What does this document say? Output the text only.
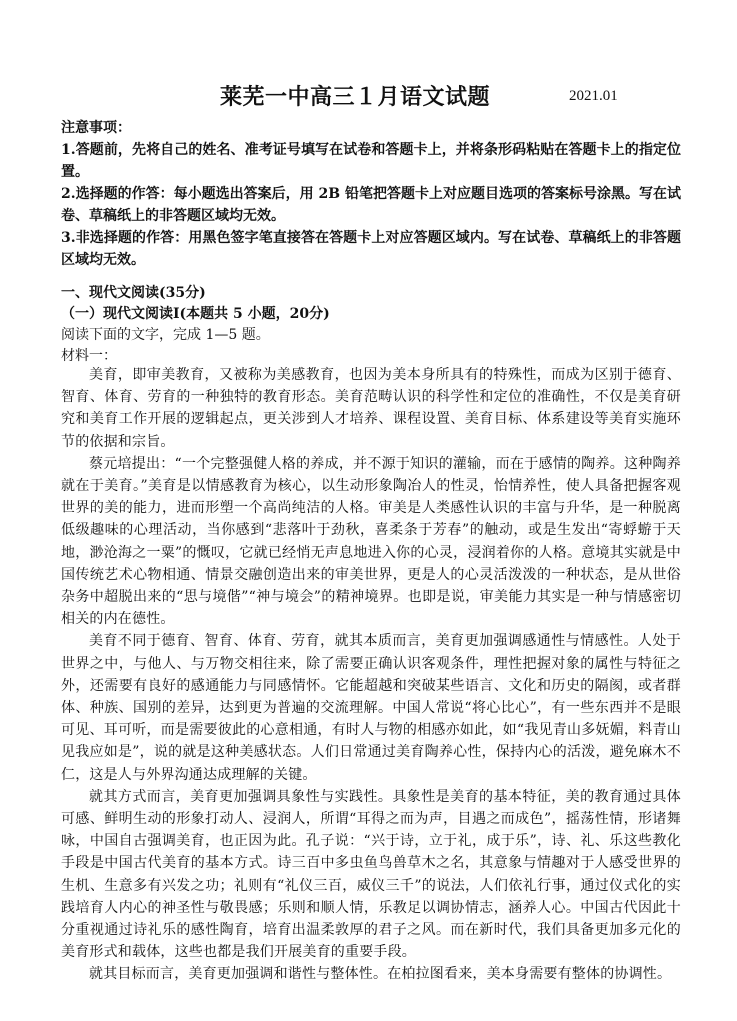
莱芜一中高三１月语文试题	2021.01
注意事项：

1.答题前，先将自己的姓名、准考证号填写在试卷和答题卡上，并将条形码粘贴在答题卡上的指定位置。

2.选择题的作答：每小题选出答案后，用 2B 铅笔把答题卡上对应题目选项的答案标号涂黑。写在试卷、草稿纸上的非答题区域均无效。

3.非选择题的作答：用黑色签字笔直接答在答题卡上对应答题区域内。写在试卷、草稿纸上的非答题区域均无效。

一、现代文阅读(35分)
（一）现代文阅读Ⅰ(本题共 5 小题，20分)
阅读下面的文字，完成 1—5 题。
材料一：

美育，即审美教育，又被称为美感教育，也因为美本身所具有的特殊性，而成为区别于德育、智育、体育、劳育的一种独特的教育形态。美育范畴认识的科学性和定位的准确性，不仅是美育研究和美育工作开展的逻辑起点，更关涉到人才培养、课程设置、美育目标、体系建设等美育实施环节的依据和宗旨。

蔡元培提出：“一个完整强健人格的养成，并不源于知识的灌输，而在于感情的陶养。这种陶养就在于美育。”美育是以情感教育为核心，以生动形象陶冶人的性灵，怡情养性，使人具备把握客观世界的美的能力，进而形塑一个高尚纯洁的人格。审美是人类感性认识的丰富与升华，是一种脱离低级趣味的心理活动，当你感到“悲落叶于劲秋，喜柔条于芳春”的触动，或是生发出“寄蜉蝣于天地，渺沧海之一粟”的慨叹，它就已经悄无声息地进入你的心灵，浸润着你的人格。意境其实就是中国传统艺术心物相通、情景交融创造出来的审美世界，更是人的心灵活泼泼的一种状态，是从世俗杂务中超脱出来的“思与境偕”“神与境会”的精神境界。也即是说，审美能力其实是一种与情感密切相关的内在德性。

美育不同于德育、智育、体育、劳育，就其本质而言，美育更加强调感通性与情感性。人处于世界之中，与他人、与万物交相往来，除了需要正确认识客观条件，理性把握对象的属性与特征之外，还需要有良好的感通能力与同感情怀。它能超越和突破某些语言、文化和历史的隔阂，或者群体、种族、国别的差异，达到更为普遍的交流理解。中国人常说“将心比心”，有一些东西并不是眼可见、耳可听，而是需要彼此的心意相通，有时人与物的相感亦如此，如“我见青山多妩媚，料青山见我应如是”，说的就是这种美感状态。人们日常通过美育陶养心性，保持内心的活泼，避免麻木不仁，这是人与外界沟通达成理解的关键。

就其方式而言，美育更加强调具象性与实践性。具象性是美育的基本特征，美的教育通过具体可感、鲜明生动的形象打动人、浸润人，所谓“耳得之而为声，目遇之而成色”，摇荡性情，形诸舞咏，中国自古强调美育，也正因为此。孔子说：“兴于诗，立于礼，成于乐”，诗、礼、乐这些教化手段是中国古代美育的基本方式。诗三百中多虫鱼鸟兽草木之名，其意象与情趣对于人感受世界的生机、生意多有兴发之功；礼则有“礼仪三百，威仪三千”的说法，人们依礼行事，通过仪式化的实践培育人内心的神圣性与敬畏感；乐则和顺人情，乐教足以调协情志，涵养人心。中国古代因此十分重视通过诗礼乐的感性陶育，培育出温柔敦厚的君子之风。而在新时代，我们具备更加多元化的美育形式和载体，这些也都是我们开展美育的重要手段。

就其目标而言，美育更加强调和谐性与整体性。在柏拉图看来，美本身需要有整体的协调性。
